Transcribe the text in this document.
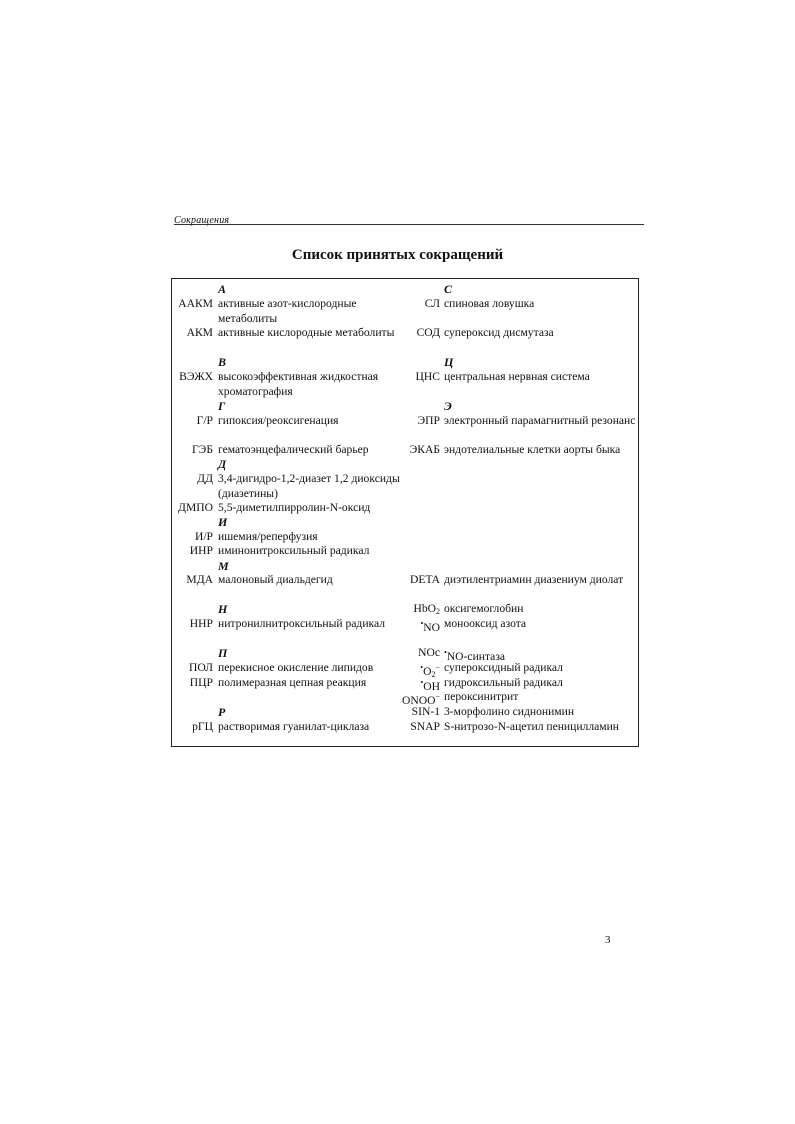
Сокращения
Список принятых сокращений
А
ААКМ активные азот-кислородные метаболиты
АКМ активные кислородные метаболиты
В
ВЭЖХ высокоэффективная жидкостная хроматография
Г
Г/Р гипоксия/реоксигенация
ГЭБ гематоэнцефалический барьер
Д
ДД 3,4-дигидро-1,2-диазет 1,2 диоксиды (диазетины)
ДМПО 5,5-диметилпирролин-N-оксид
И
И/Р ишемия/реперфузия
ИНР иминонитроксильный радикал
М
МДА малоновый диальдегид
Н
ННР нитронилнитроксильный радикал
П
ПОЛ перекисное окисление липидов
ПЦР полимеразная цепная реакция
Р
рГЦ растворимая гуанилат-циклаза
С
СЛ спиновая ловушка
СОД супероксид дисмутаза
Ц
ЦНС центральная нервная система
Э
ЭПР электронный парамагнитный резонанс
ЭКАБ эндотелиальные клетки аорты быка
DETA диэтилентриамин диазениум диолат
HbO$_2$ оксигемоглобин
•NO монооксид азота
NOc •NO-синтаза
$^•O_2^-$ супероксидный радикал
•OH гидроксильный радикал
ONOO− пероксинитрит
SIN-1 3-морфолино сиднонимин
SNAP S-нитрозо-N-ацетил пеницилламин
3
